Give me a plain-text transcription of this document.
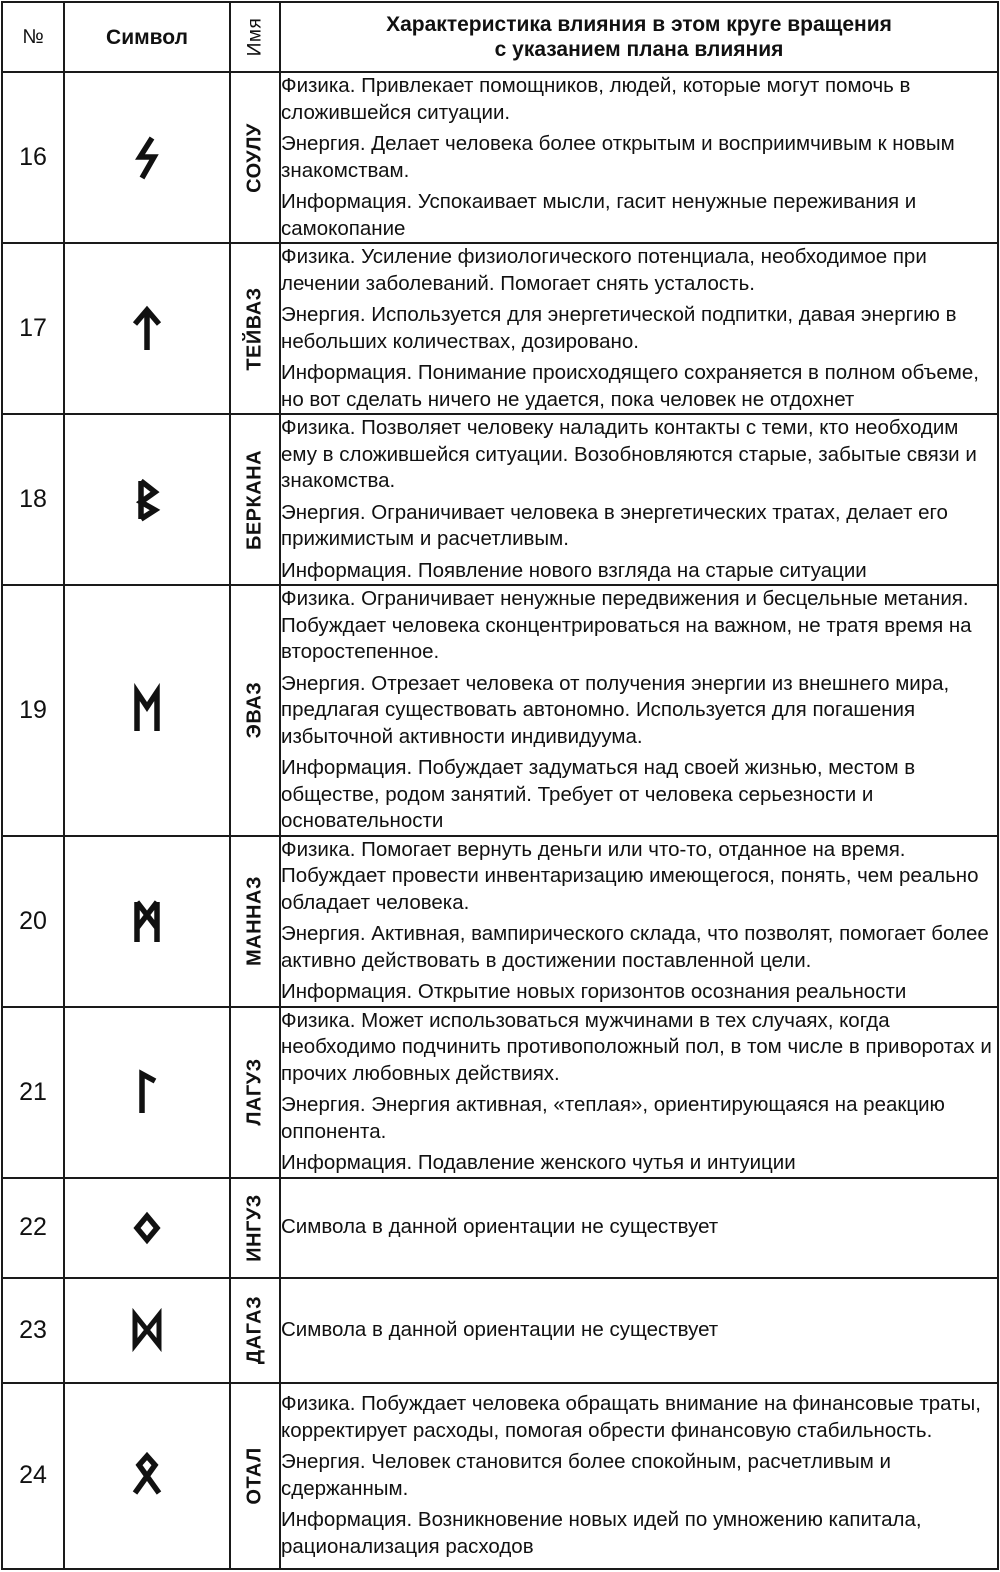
№	Символ	Имя	Характеристика влияния в этом круге вращения
с указанием плана влияния
16		СОУЛУ	Физика. Привлекает помощников, людей, которые могут помочь в сложившейся ситуации.
Энергия. Делает человека более открытым и восприимчивым к новым знакомствам.
Информация. Успокаивает мысли, гасит ненужные переживания и самокопание

17		ТЕЙВАЗ	Физика. Усиление физиологического потенциала, необходимое при лечении заболеваний. Помогает снять усталость.
Энергия. Используется для энергетической подпитки, давая энергию в небольших количествах, дозировано.
Информация. Понимание происходящего сохраняется в полном объеме, но вот сделать ничего не удается, пока человек не отдохнет

18		БЕРКАНА	Физика. Позволяет человеку наладить контакты с теми, кто необходим ему в сложившейся ситуации. Возобновляются старые, забытые связи и знакомства.
Энергия. Ограничивает человека в энергетических тратах, делает его прижимистым и расчетливым.
Информация. Появление нового взгляда на старые ситуации

19		ЭВАЗ	Физика. Ограничивает ненужные передвижения и бесцельные метания. Побуждает человека сконцентрироваться на важном, не тратя время на второстепенное.
Энергия. Отрезает человека от получения энергии из внешнего мира, предлагая существовать автономно. Используется для погашения избыточной активности индивидуума.
Информация. Побуждает задуматься над своей жизнью, местом в обществе, родом занятий. Требует от человека серьезности и основательности

20		МАННАЗ	Физика. Помогает вернуть деньги или что-то, отданное на время. Побуждает провести инвентаризацию имеющегося, понять, чем реально обладает человека.
Энергия. Активная, вампирического склада, что позволят, помогает более активно действовать в достижении поставленной цели.
Информация. Открытие новых горизонтов осознания реальности

21		ЛАГУЗ	Физика. Может использоваться мужчинами в тех случаях, когда необходимо подчинить противоположный пол, в том числе в приворотах и прочих любовных действиях.
Энергия. Энергия активная, «теплая», ориентирующаяся на реакцию оппонента.
Информация. Подавление женского чутья и интуиции

22		ИНГУЗ	Символа в данной ориентации не существует

23		ДАГАЗ	Символа в данной ориентации не существует

24		ОТАЛ	Физика. Побуждает человека обращать внимание на финансовые траты, корректирует расходы, помогая обрести финансовую стабильность.
Энергия. Человек становится более спокойным, расчетливым и сдержанным.
Информация. Возникновение новых идей по умножению капитала, рационализация расходов
